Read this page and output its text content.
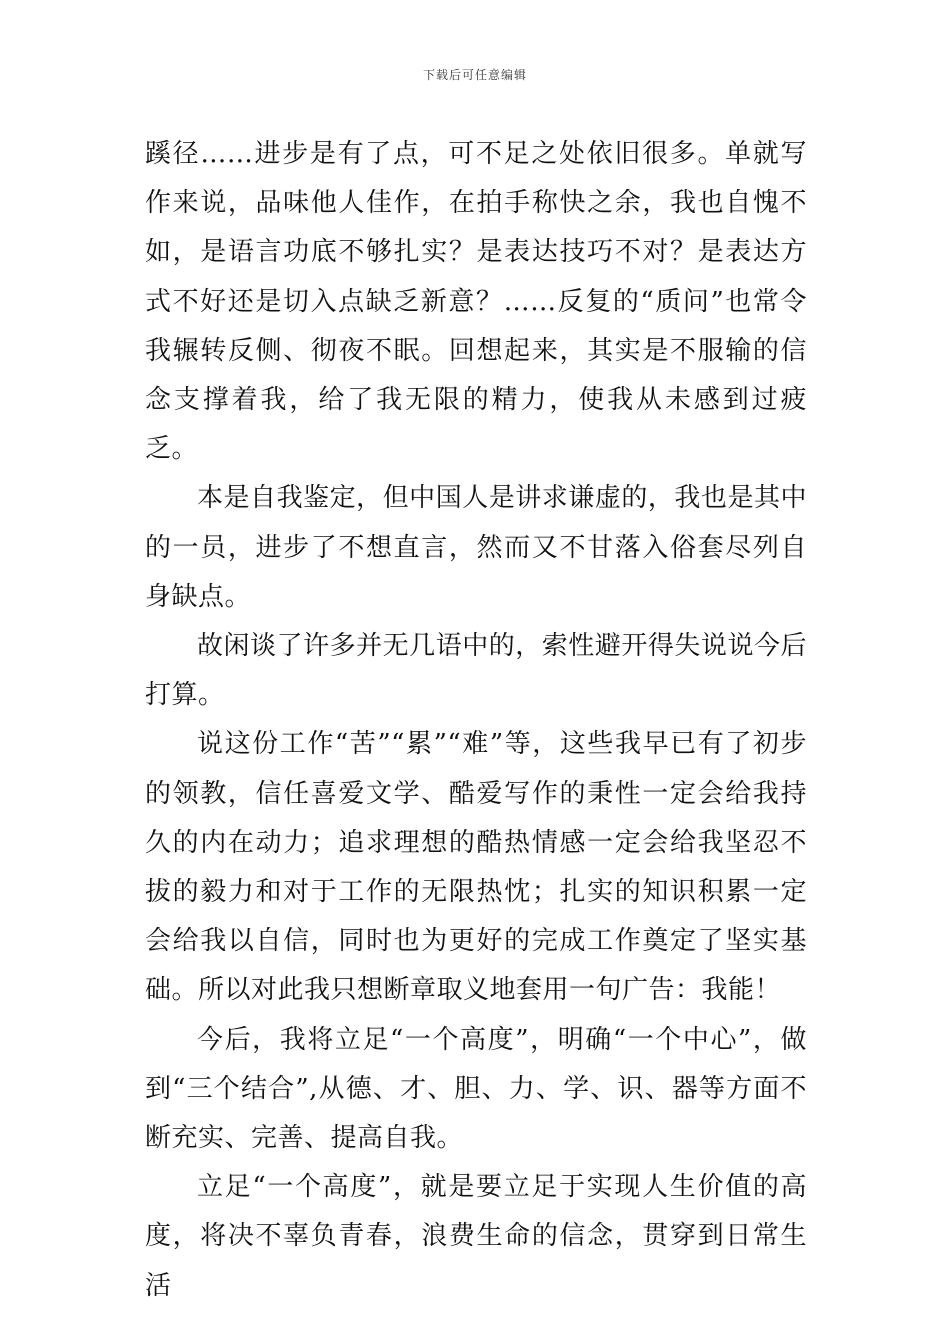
下载后可任意编辑

蹊径……进步是有了点，可不足之处依旧很多。单就写作来说，品味他人佳作，在拍手称快之余，我也自愧不如，是语言功底不够扎实？是表达技巧不对？是表达方式不好还是切入点缺乏新意？……反复的“质问”也常令我辗转反侧、彻夜不眠。回想起来，其实是不服输的信念支撑着我，给了我无限的精力，使我从未感到过疲乏。

本是自我鉴定，但中国人是讲求谦虚的，我也是其中的一员，进步了不想直言，然而又不甘落入俗套尽列自身缺点。

故闲谈了许多并无几语中的，索性避开得失说说今后打算。

说这份工作“苦”“累”“难”等，这些我早已有了初步的领教，信任喜爱文学、酷爱写作的秉性一定会给我持久的内在动力；追求理想的酷热情感一定会给我坚忍不拔的毅力和对于工作的无限热忱；扎实的知识积累一定会给我以自信，同时也为更好的完成工作奠定了坚实基础。所以对此我只想断章取义地套用一句广告：我能！

今后，我将立足“一个高度”，明确“一个中心”，做到“三个结合”,从德、才、胆、力、学、识、器等方面不断充实、完善、提高自我。

立足“一个高度”，就是要立足于实现人生价值的高度，将决不辜负青春，浪费生命的信念，贯穿到日常生活
